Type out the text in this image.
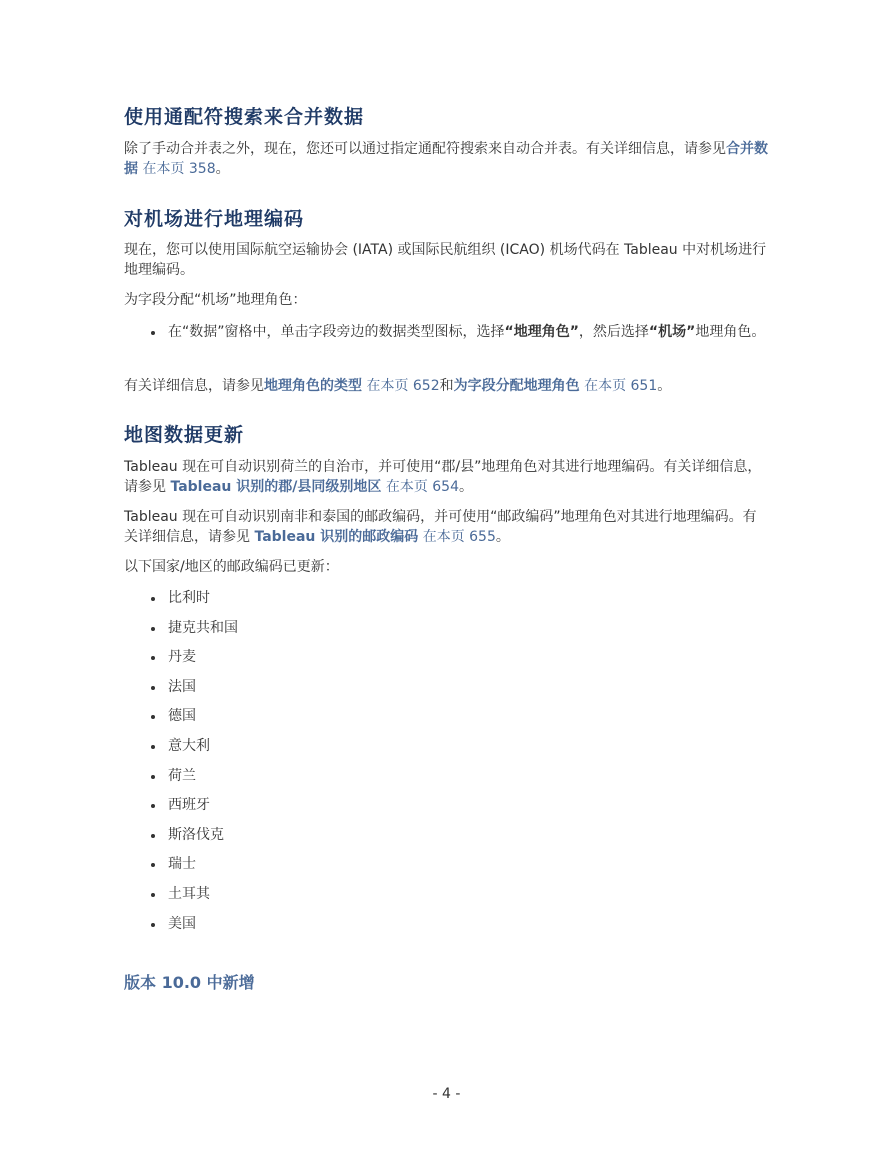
使用通配符搜索来合并数据

除了手动合并表之外，现在，您还可以通过指定通配符搜索来自动合并表。有关详细信息，请参见合并数据 在本页 358。

对机场进行地理编码

现在，您可以使用国际航空运输协会 (IATA) 或国际民航组织 (ICAO) 机场代码在 Tableau 中对机场进行地理编码。

为字段分配“机场”地理角色：

在“数据”窗格中，单击字段旁边的数据类型图标，选择“地理角色”，然后选择“机场”地理角色。

有关详细信息，请参见地理角色的类型 在本页 652和为字段分配地理角色 在本页 651。

地图数据更新

Tableau 现在可自动识别荷兰的自治市，并可使用“郡/县”地理角色对其进行地理编码。有关详细信息，请参见 Tableau 识别的郡/县同级别地区 在本页 654。

Tableau 现在可自动识别南非和泰国的邮政编码，并可使用“邮政编码”地理角色对其进行地理编码。有关详细信息，请参见 Tableau 识别的邮政编码 在本页 655。

以下国家/地区的邮政编码已更新：

比利时
捷克共和国
丹麦
法国
德国
意大利
荷兰
西班牙
斯洛伐克
瑞士
土耳其
美国
版本 10.0 中新增
- 4 -
